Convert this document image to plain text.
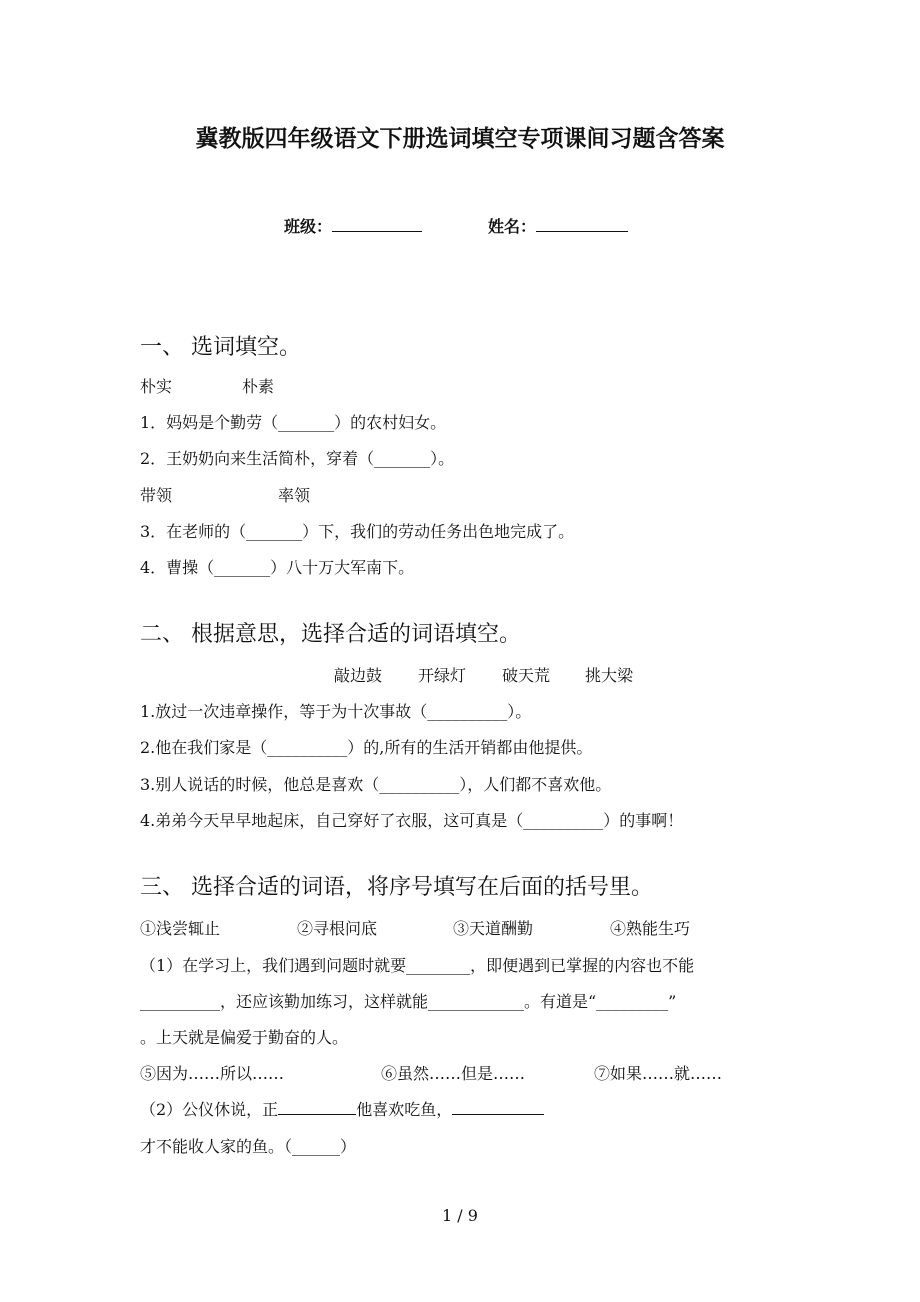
冀教版四年级语文下册选词填空专项课间习题含答案
班级：	姓名：
一、 选词填空。
朴实	朴素
1．妈妈是个勤劳（_______）的农村妇女。
2．王奶奶向来生活简朴，穿着（_______）。
带领	率领
3．在老师的（_______）下，我们的劳动任务出色地完成了。
4．曹操（_______）八十万大军南下。
二、 根据意思，选择合适的词语填空。
敲边鼓 开绿灯 破天荒 挑大梁
1.放过一次违章操作，等于为十次事故（__________）。
2.他在我们家是（__________）的,所有的生活开销都由他提供。
3.别人说话的时候，他总是喜欢（__________），人们都不喜欢他。
4.弟弟今天早早地起床，自己穿好了衣服，这可真是（__________）的事啊！
三、 选择合适的词语，将序号填写在后面的括号里。
①浅尝辄止	②寻根问底	③天道酬勤	④熟能生巧
（1）在学习上，我们遇到问题时就要________，即便遇到已掌握的内容也不能
__________，还应该勤加练习，这样就能____________。有道是“_________”
。上天就是偏爱于勤奋的人。
⑤因为……所以……	⑥虽然……但是……	⑦如果……就……
（2）公仪休说，正	他喜欢吃鱼，
才不能收人家的鱼。（______）
1 / 9
